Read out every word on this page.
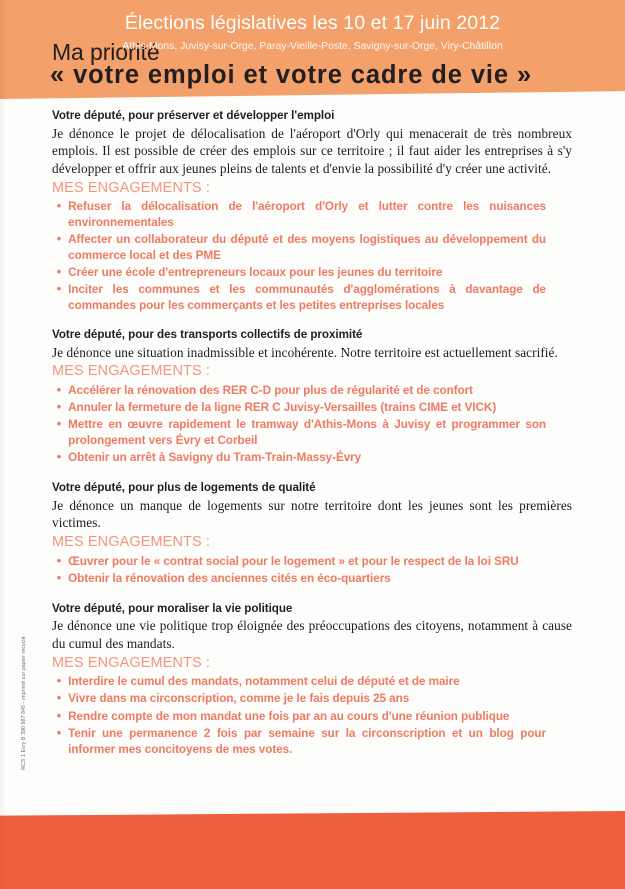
Ma priorité
« votre emploi et votre cadre de vie »
Votre député, pour préserver et développer l'emploi
Je dénonce le projet de délocalisation de l'aéroport d'Orly qui menacerait de très nombreux emplois. Il est possible de créer des emplois sur ce territoire ; il faut aider les entreprises à s'y développer et offrir aux jeunes pleins de talents et d'envie la possibilité d'y créer une activité.
MES ENGAGEMENTS :
• Refuser la délocalisation de l'aéroport d'Orly et lutter contre les nuisances environnementales
• Affecter un collaborateur du député et des moyens logistiques au développement du commerce local et des PME
• Créer une école d'entrepreneurs locaux pour les jeunes du territoire
• Inciter les communes et les communautés d'agglomérations à davantage de commandes pour les commerçants et les petites entreprises locales
Votre député, pour des transports collectifs de proximité
Je dénonce une situation inadmissible et incohérente. Notre territoire est actuellement sacrifié.
MES ENGAGEMENTS :
• Accélérer la rénovation des RER C-D pour plus de régularité et de confort
• Annuler la fermeture de la ligne RER C Juvisy-Versailles (trains CIME et VICK)
• Mettre en œuvre rapidement le tramway d'Athis-Mons à Juvisy et programmer son prolongement vers Évry et Corbeil
• Obtenir un arrêt à Savigny du Tram-Train-Massy-Évry
Votre député, pour plus de logements de qualité
Je dénonce un manque de logements sur notre territoire dont les jeunes sont les premières victimes.
MES ENGAGEMENTS :
• Œuvrer pour le « contrat social pour le logement » et pour le respect de la loi SRU
• Obtenir la rénovation des anciennes cités en éco-quartiers
Votre député, pour moraliser la vie politique
Je dénonce une vie politique trop éloignée des préoccupations des citoyens, notamment à cause du cumul des mandats.
MES ENGAGEMENTS :
• Interdire le cumul des mandats, notamment celui de député et de maire
• Vivre dans ma circonscription, comme je le fais depuis 25 ans
• Rendre compte de mon mandat une fois par an au cours d'une réunion publique
• Tenir une permanence 2 fois par semaine sur la circonscription et un blog pour informer mes concitoyens de mes votes.
RCS 1 Evry B 390 987 845 - imprimé sur papier recyclé
Élections législatives les 10 et 17 juin 2012
Athis-Mons, Juvisy-sur-Orge, Paray-Vieille-Poste, Savigny-sur-Orge, Viry-Châtillon
